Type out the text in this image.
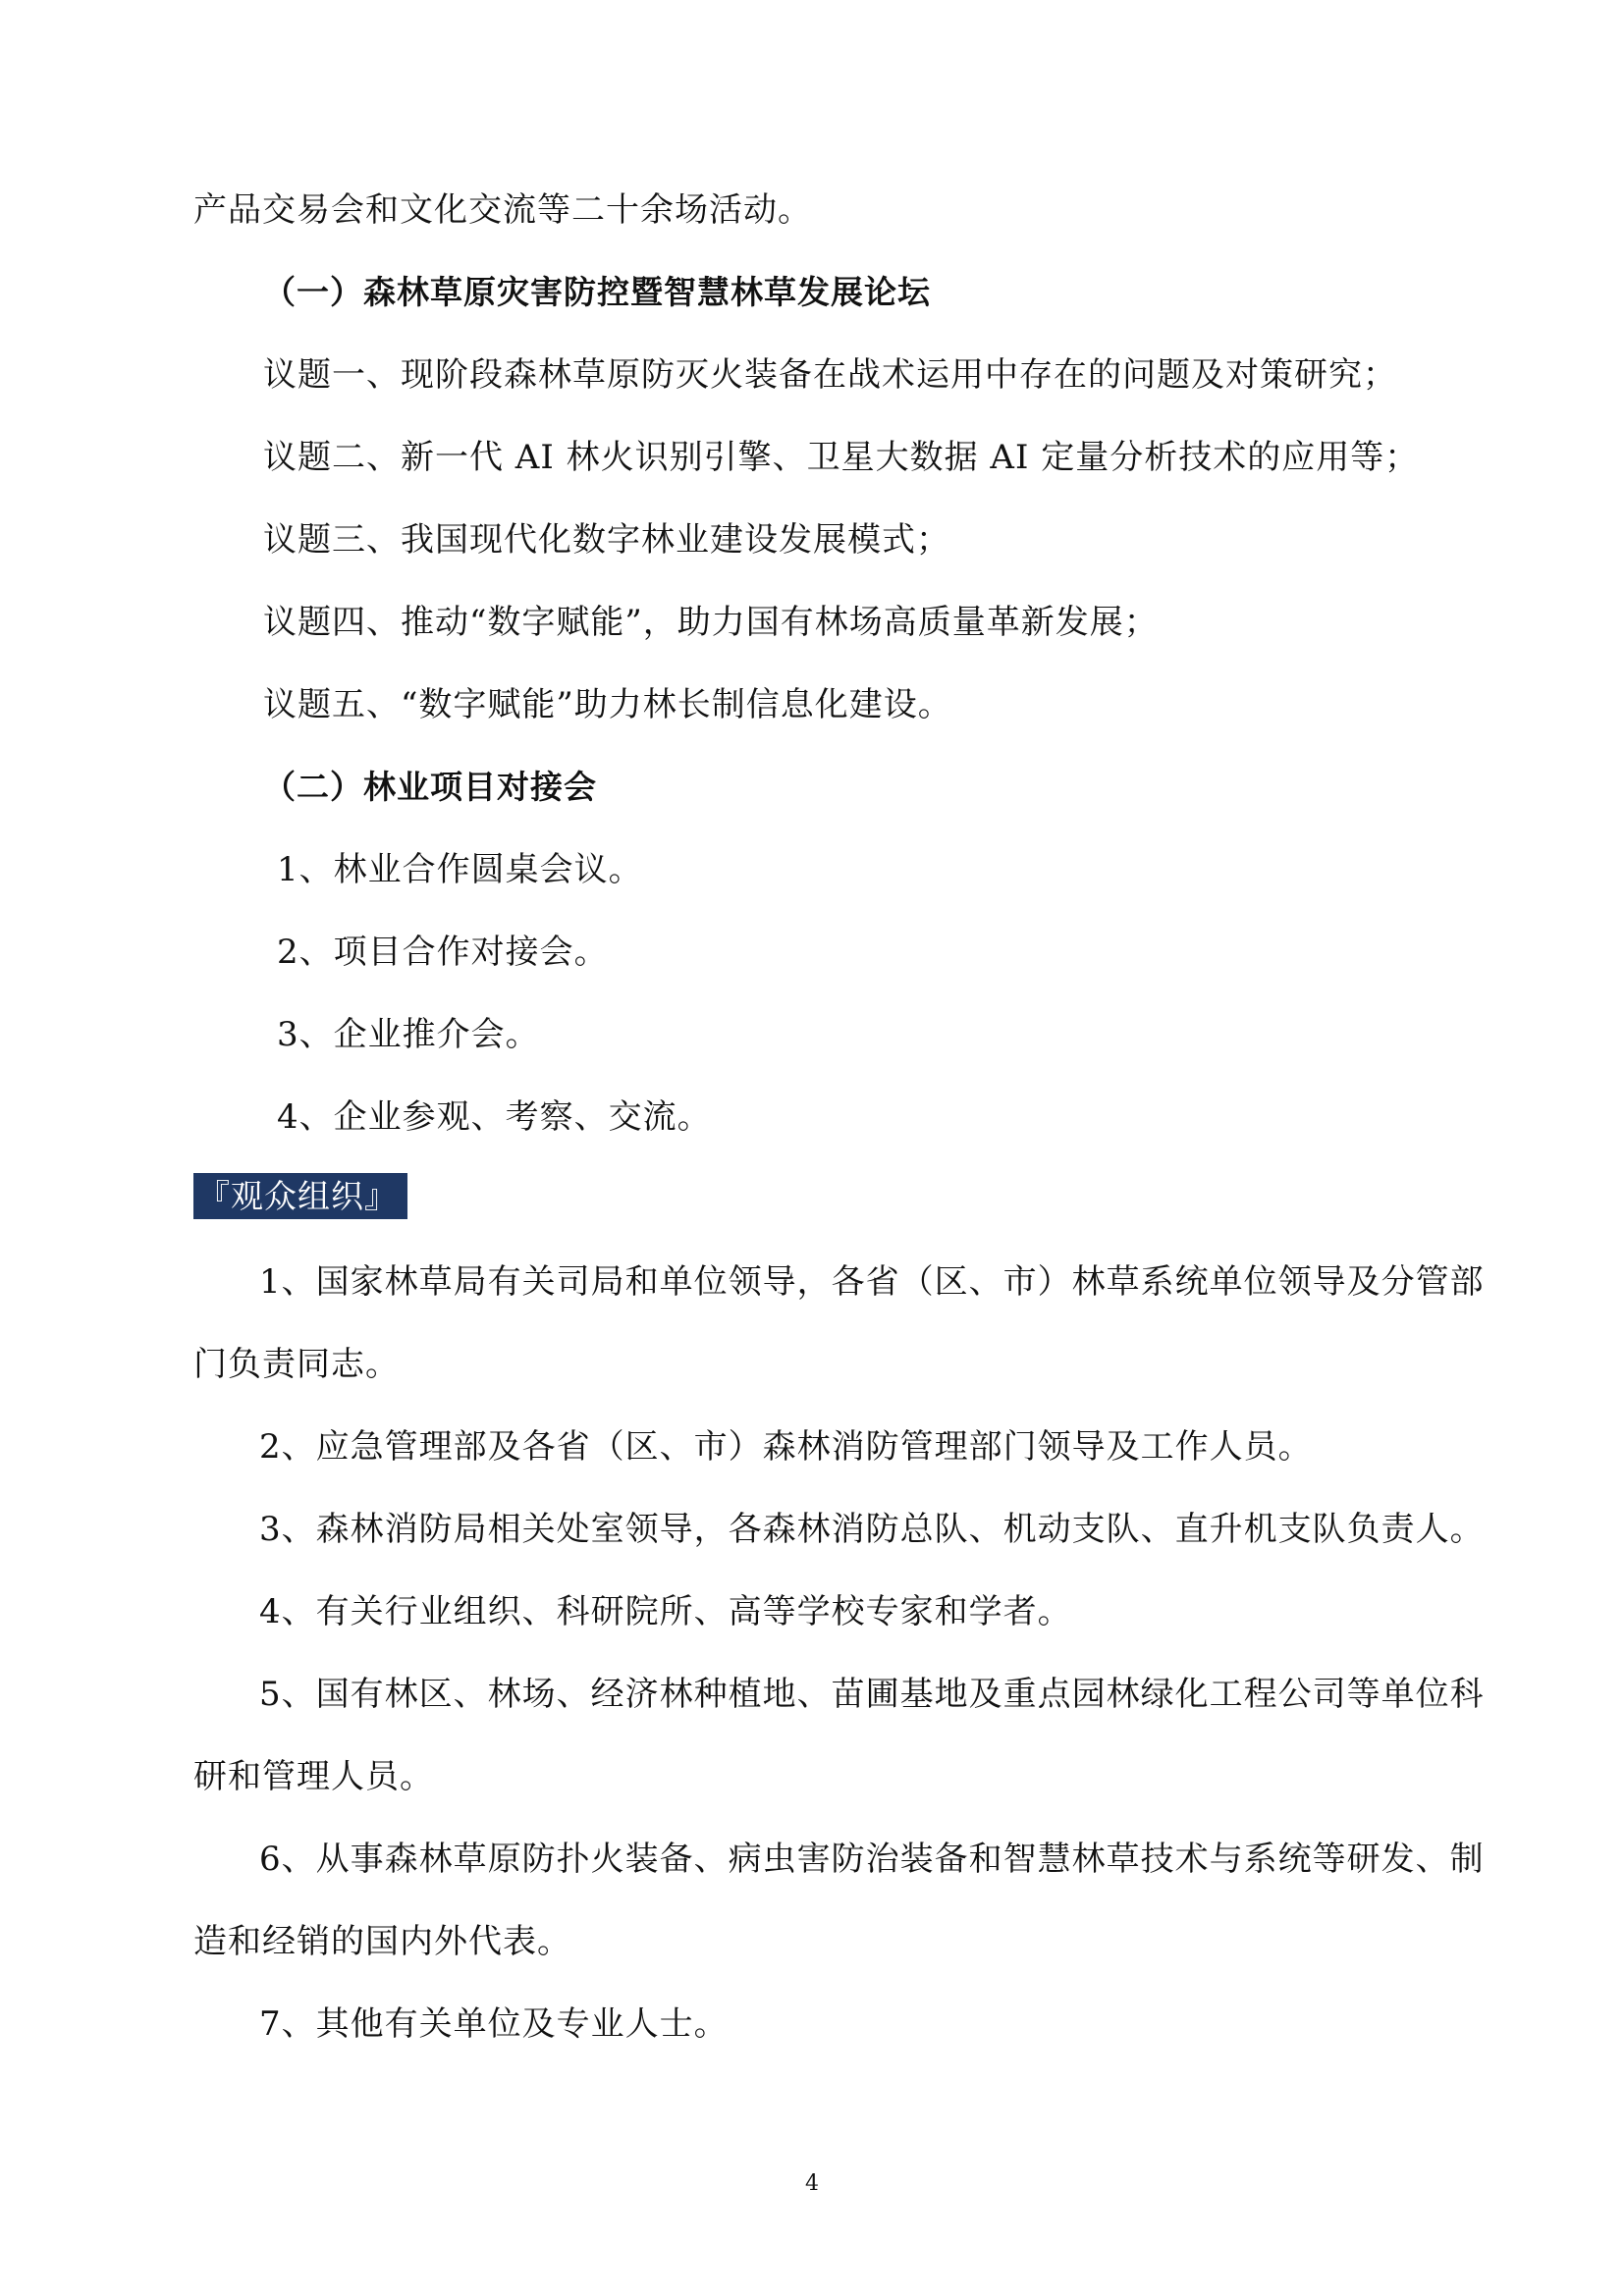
产品交易会和文化交流等二十余场活动。
（一）森林草原灾害防控暨智慧林草发展论坛
议题一、现阶段森林草原防灭火装备在战术运用中存在的问题及对策研究；
议题二、新一代 AI 林火识别引擎、卫星大数据 AI 定量分析技术的应用等；
议题三、我国现代化数字林业建设发展模式；
议题四、推动“数字赋能”，助力国有林场高质量革新发展；
议题五、“数字赋能”助力林长制信息化建设。
（二）林业项目对接会
1、林业合作圆桌会议。
2、项目合作对接会。
3、企业推介会。
4、企业参观、考察、交流。
『观众组织』
1、国家林草局有关司局和单位领导，各省（区、市）林草系统单位领导及分管部
门负责同志。
2、应急管理部及各省（区、市）森林消防管理部门领导及工作人员。
3、森林消防局相关处室领导，各森林消防总队、机动支队、直升机支队负责人。
4、有关行业组织、科研院所、高等学校专家和学者。
5、国有林区、林场、经济林种植地、苗圃基地及重点园林绿化工程公司等单位科
研和管理人员。
6、从事森林草原防扑火装备、病虫害防治装备和智慧林草技术与系统等研发、制
造和经销的国内外代表。
7、其他有关单位及专业人士。
4
